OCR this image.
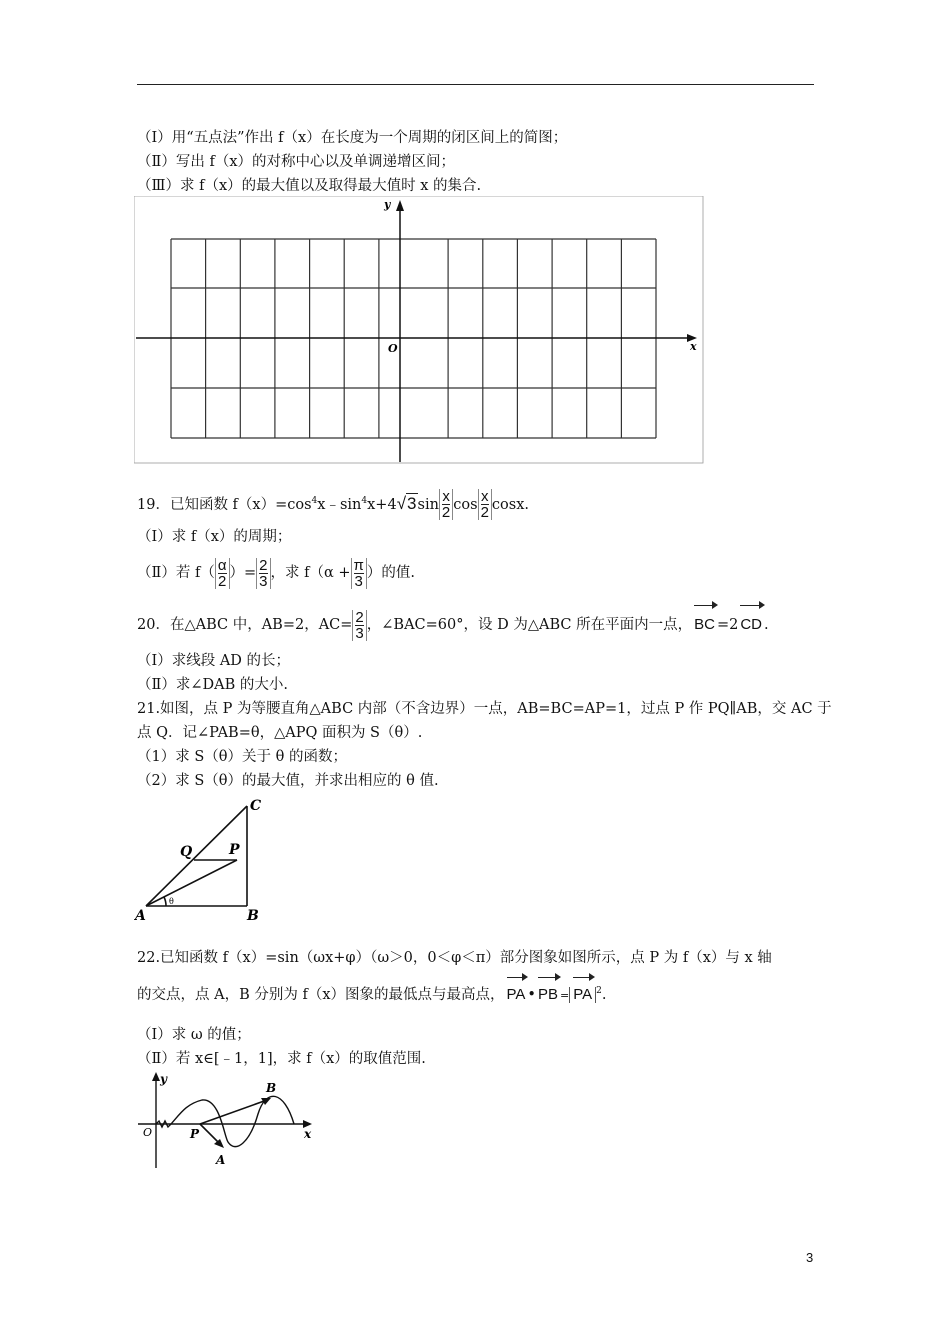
（Ⅰ）用“五点法”作出 f（x）在长度为一个周期的闭区间上的简图；
（Ⅱ）写出 f（x）的对称中心以及单调递增区间；
（Ⅲ）求 f（x）的最大值以及取得最大值时 x 的集合.
y
x
O
19．已知函数 $f(x)=\cos^4x﹣\sin^4x+4√3\sin \frac{x}{2}$ $\cos \frac{x}{2} \cos x$.
（Ⅰ）求 f（x）的周期；
（Ⅱ）若 $f( \frac{\alpha}{2}$ ）= $\frac{2}{3}$ ，求 $f(\alpha + \frac{\pi}{3}$ ）的值.
20．在△ABC 中，AB=2，$AC= \frac{2}{3}$ ，∠BAC=60°，设 D 为△ABC 所在平面内一点， BC =2 CD .
（Ⅰ）求线段 AD 的长；
（Ⅱ）求∠DAB 的大小.
21.如图，点 P 为等腰直角△ABC 内部（不含边界）一点，AB=BC=AP=1，过点 P 作 PQ∥AB，交 AC 于
点 Q．记∠PAB=θ，△APQ 面积为 S（θ）.
（1）求 S（θ）关于 θ 的函数；
（2）求 S（θ）的最大值，并求出相应的 θ 值.
C
Q	P
A	B
θ
22.已知函数 f（x）=sin（ωx+φ）（ω＞0，0＜φ＜π）部分图象如图所示，点 P 为 f（x）与 x 轴
的交点，点 A，B 分别为 f（x）图象的最低点与最高点， PA • PB = PA $^2$.
（Ⅰ）求 ω 的值；
（Ⅱ）若 x∈[﹣1，1]，求 f（x）的取值范围.
y
O	P
B
A
x
3
